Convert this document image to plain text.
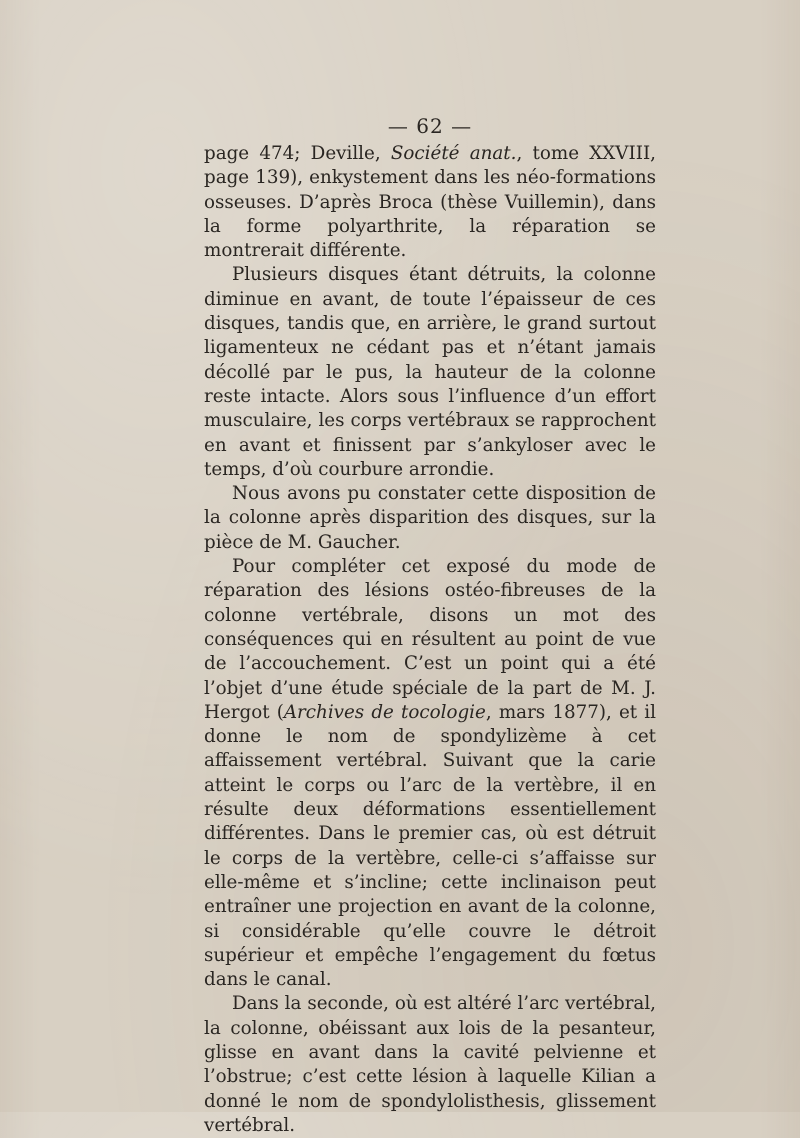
— 62 —

page 474; Deville, Société anat., tome XXVIII, page 139), enkystement dans les néo-formations osseuses. D’après Broca (thèse Vuillemin), dans la forme polyarthrite, la réparation se montrerait différente.

Plusieurs disques étant détruits, la colonne diminue en avant, de toute l’épaisseur de ces disques, tandis que, en arrière, le grand surtout ligamenteux ne cédant pas et n’étant jamais décollé par le pus, la hauteur de la colonne reste intacte. Alors sous l’influence d’un effort musculaire, les corps vertébraux se rapprochent en avant et finissent par s’ankyloser avec le temps, d’où courbure arrondie.

Nous avons pu constater cette disposition de la colonne après disparition des disques, sur la pièce de M. Gaucher.

Pour compléter cet exposé du mode de réparation des lésions ostéo-fibreuses de la colonne vertébrale, disons un mot des conséquences qui en résultent au point de vue de l’accouchement. C’est un point qui a été l’objet d’une étude spéciale de la part de M. J. Hergot (Archives de tocologie, mars 1877), et il donne le nom de spondylizème à cet affaissement vertébral. Suivant que la carie atteint le corps ou l’arc de la vertèbre, il en résulte deux déformations essentiellement différentes. Dans le premier cas, où est détruit le corps de la vertèbre, celle-ci s’affaisse sur elle-même et s’incline; cette inclinaison peut entraîner une projection en avant de la colonne, si considérable qu’elle couvre le détroit supérieur et empêche l’engagement du fœtus dans le canal.

Dans la seconde, où est altéré l’arc vertébral, la colonne, obéissant aux lois de la pesanteur, glisse en avant dans la cavité pelvienne et l’obstrue; c’est cette lésion à laquelle Kilian a donné le nom de spondylolisthesis, glissement vertébral.
